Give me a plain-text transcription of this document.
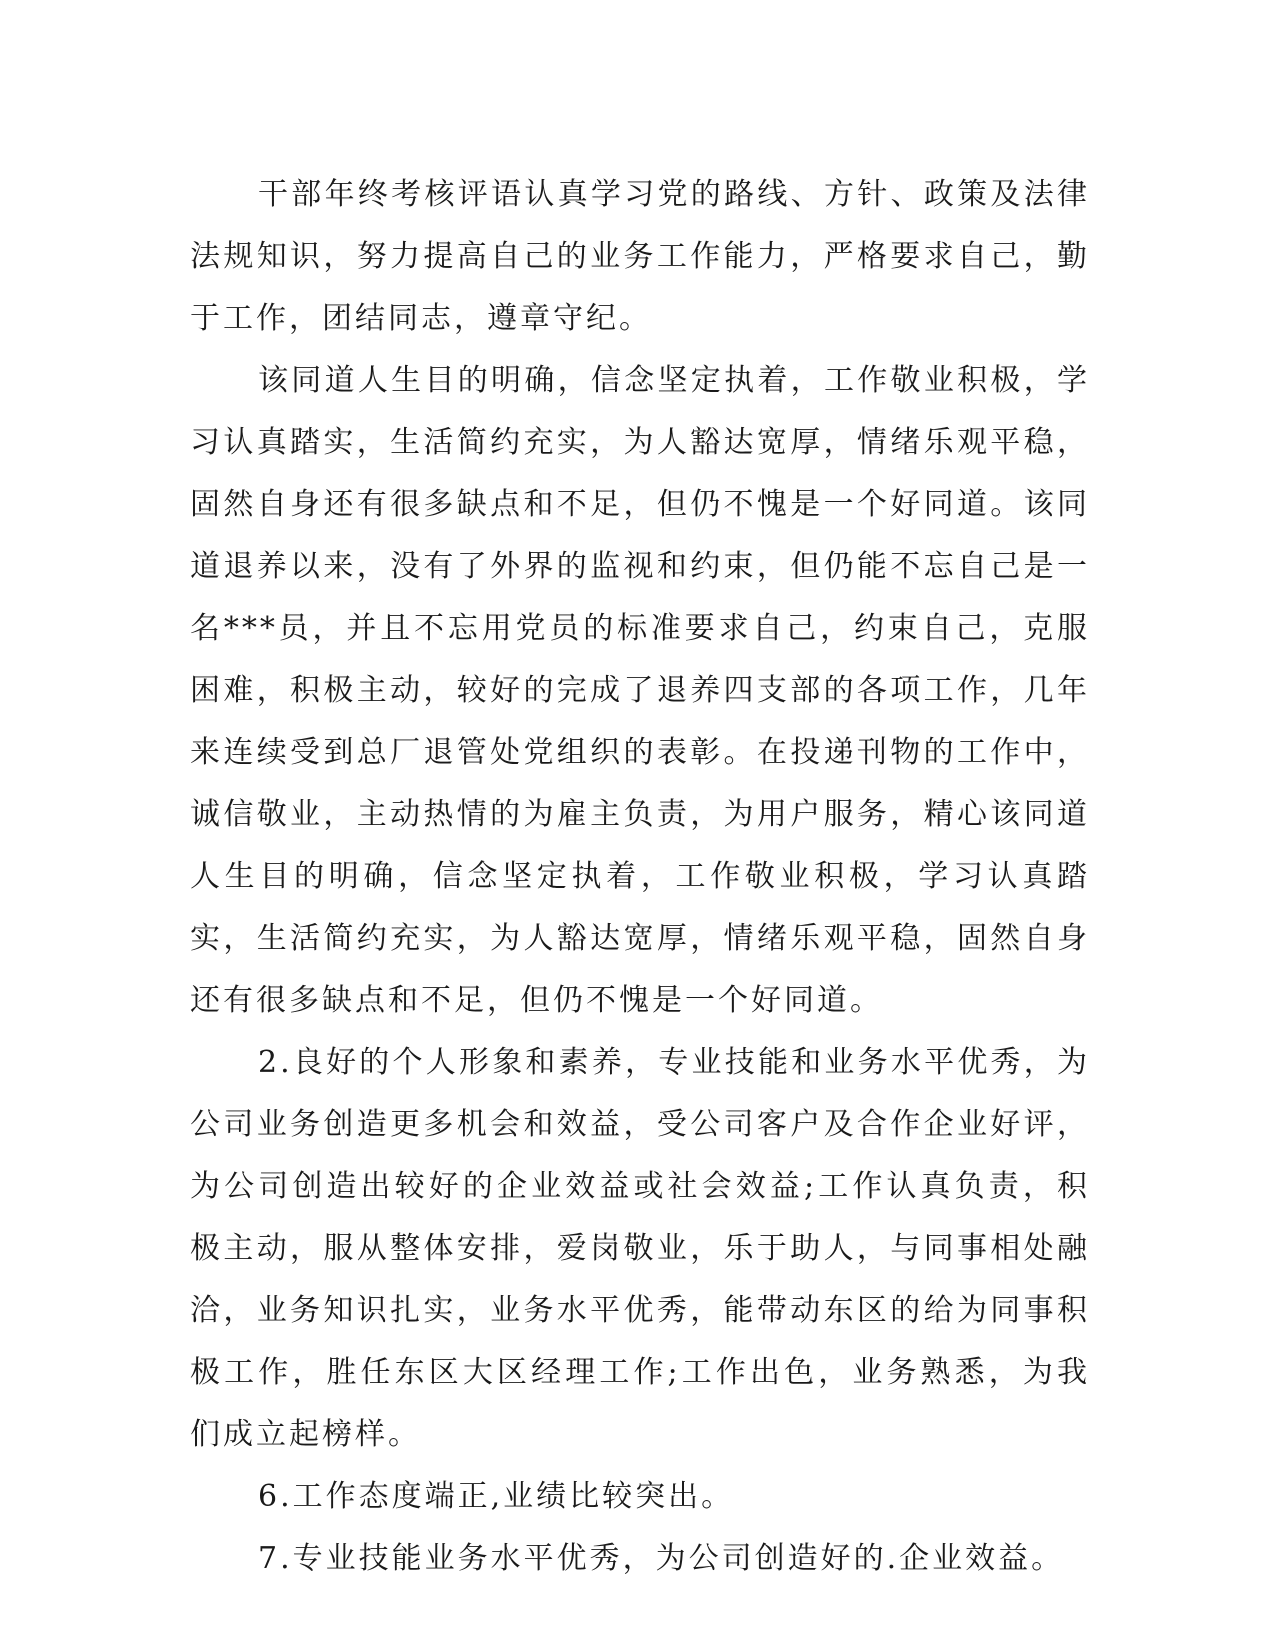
干部年终考核评语认真学习党的路线、方针、政策及法律法规知识，努力提高自己的业务工作能力，严格要求自己，勤于工作，团结同志，遵章守纪。

该同道人生目的明确，信念坚定执着，工作敬业积极，学习认真踏实，生活简约充实，为人豁达宽厚，情绪乐观平稳，固然自身还有很多缺点和不足，但仍不愧是一个好同道。该同道退养以来，没有了外界的监视和约束，但仍能不忘自己是一名***员，并且不忘用党员的标准要求自己，约束自己，克服困难，积极主动，较好的完成了退养四支部的各项工作，几年来连续受到总厂退管处党组织的表彰。在投递刊物的工作中，诚信敬业，主动热情的为雇主负责，为用户服务，精心该同道人生目的明确，信念坚定执着，工作敬业积极，学习认真踏实，生活简约充实，为人豁达宽厚，情绪乐观平稳，固然自身还有很多缺点和不足，但仍不愧是一个好同道。

2.良好的个人形象和素养，专业技能和业务水平优秀，为公司业务创造更多机会和效益，受公司客户及合作企业好评，为公司创造出较好的企业效益或社会效益;工作认真负责，积极主动，服从整体安排，爱岗敬业，乐于助人，与同事相处融洽，业务知识扎实，业务水平优秀，能带动东区的给为同事积极工作，胜任东区大区经理工作;工作出色，业务熟悉，为我们成立起榜样。

6.工作态度端正,业绩比较突出。

7.专业技能业务水平优秀，为公司创造好的.企业效益。
